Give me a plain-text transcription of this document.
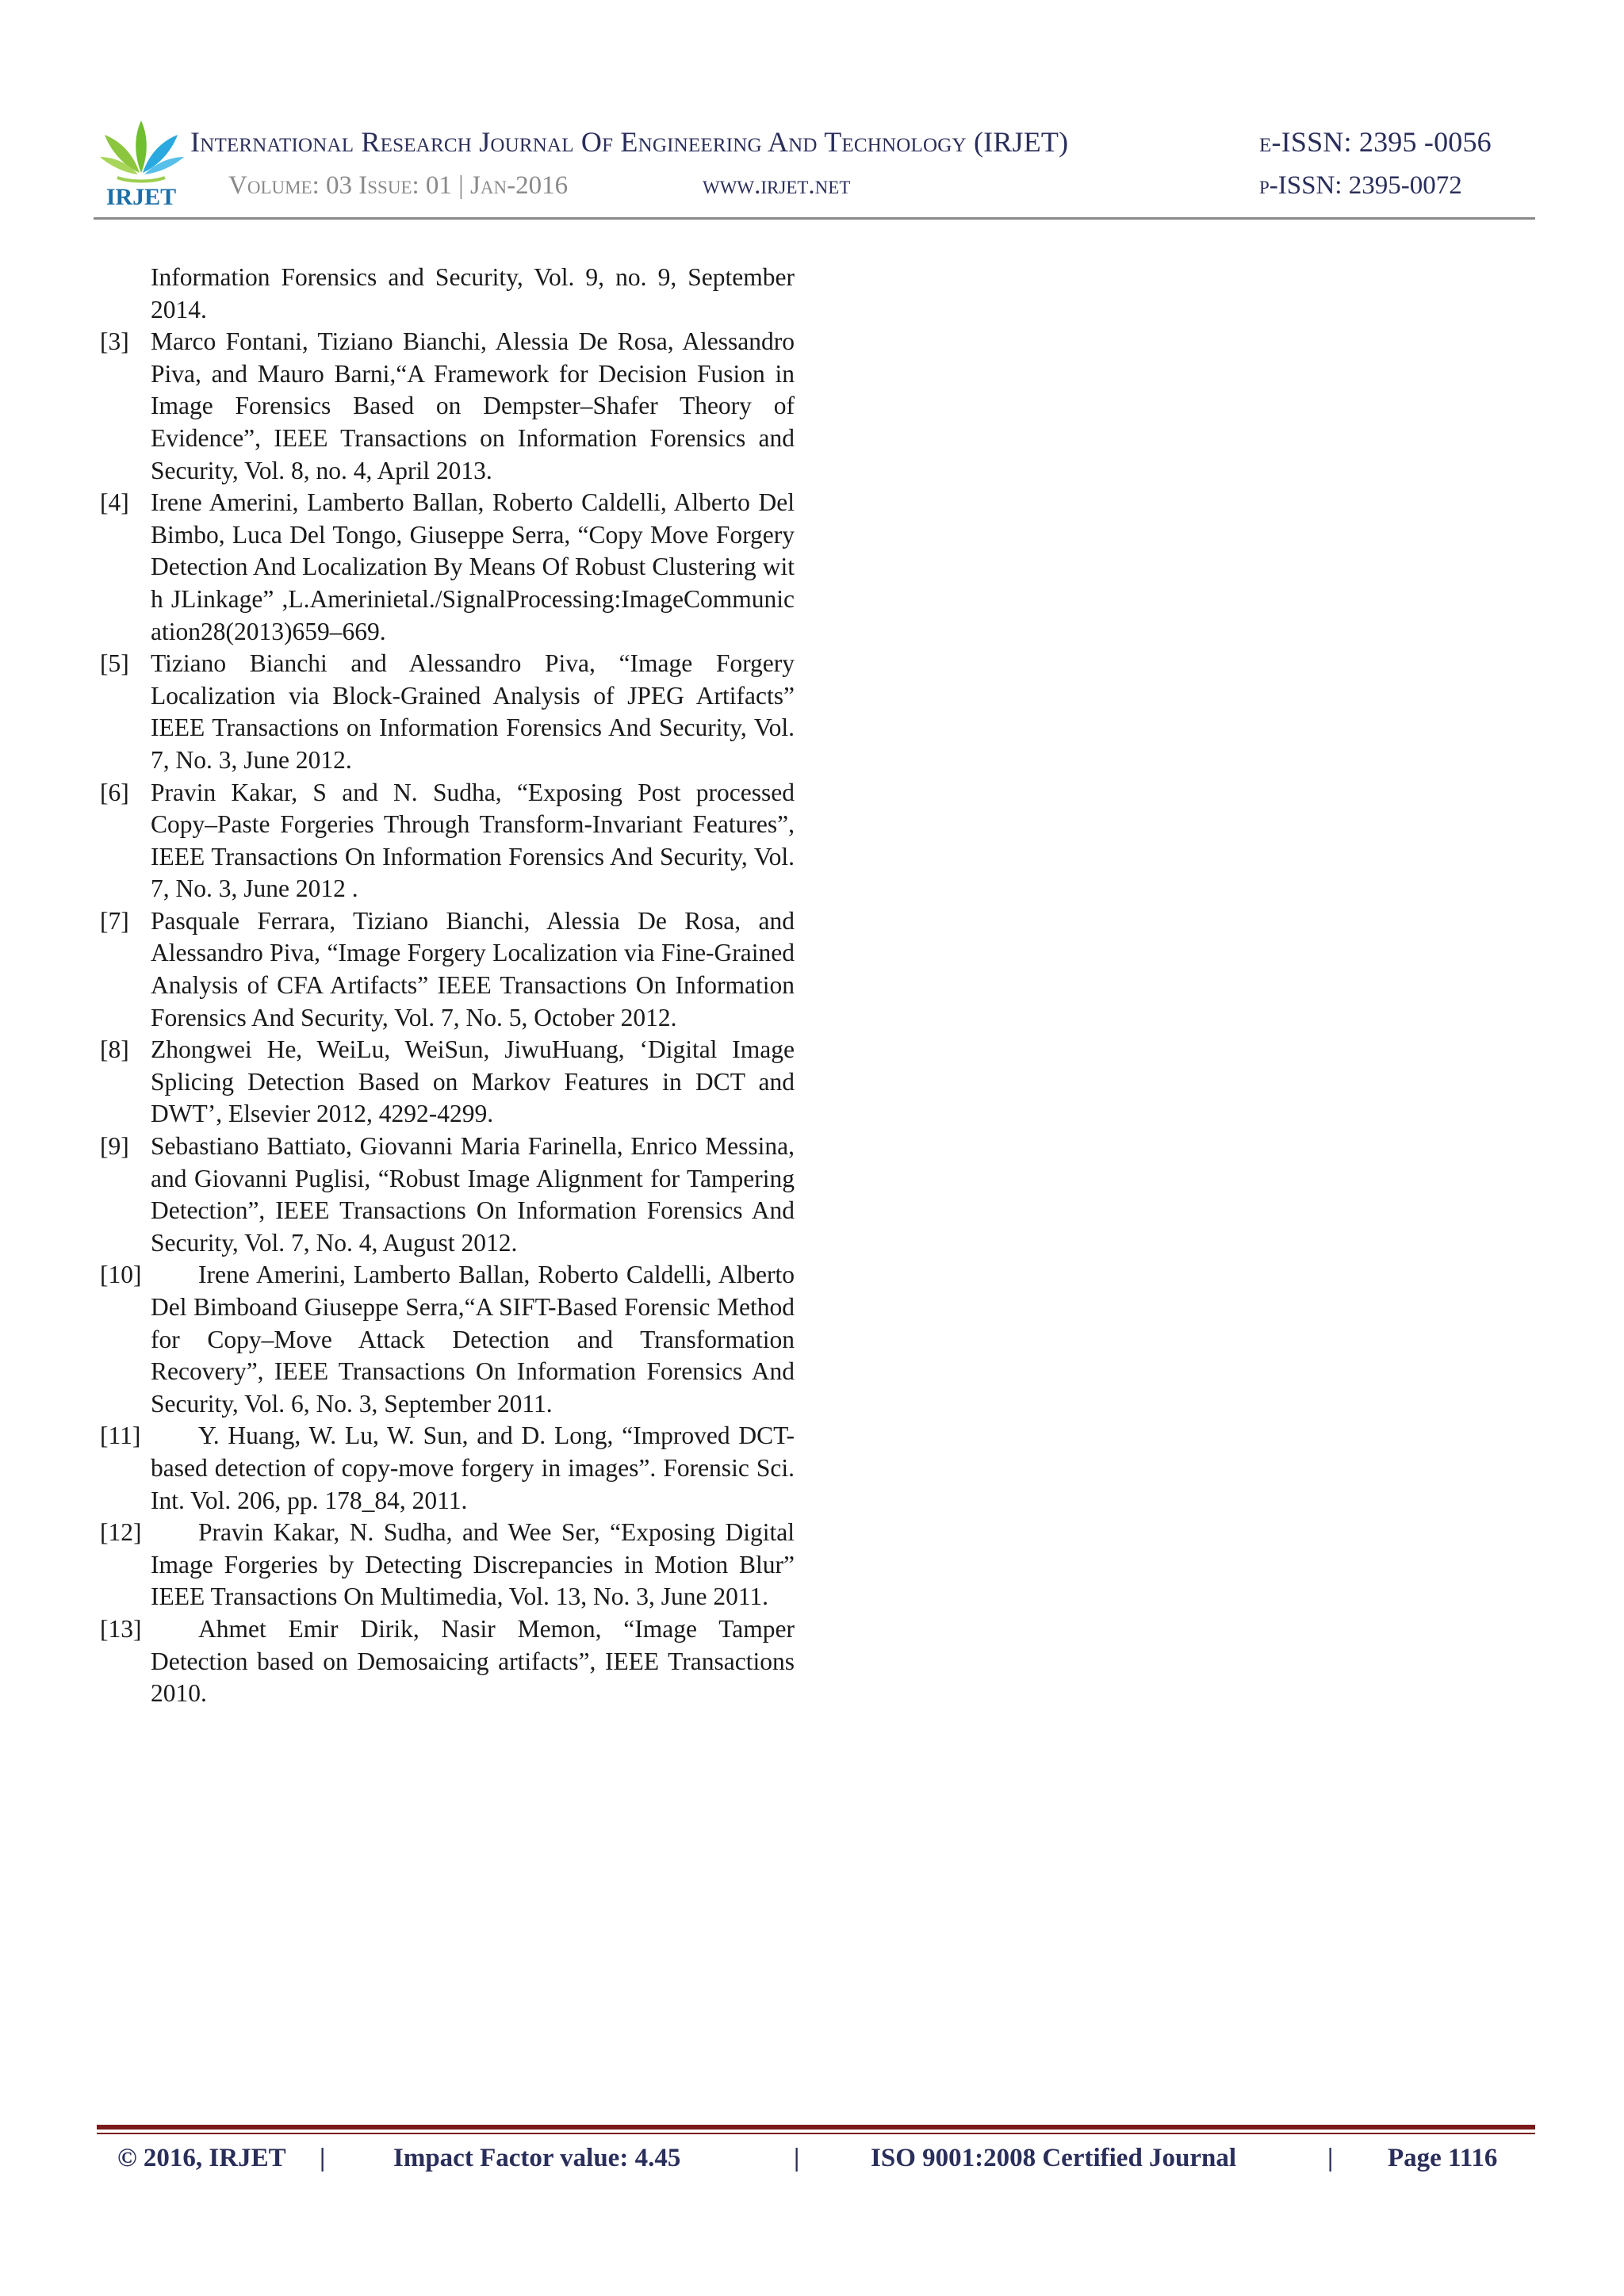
IRJET
International Research Journal Of Engineering And Technology (IRJET)	e-ISSN: 2395 -0056
Volume: 03 Issue: 01 | Jan-2016	www.irjet.net	p-ISSN: 2395-0072
Information Forensics and Security, Vol. 9, no. 9, September 2014.
[3] Marco Fontani, Tiziano Bianchi, Alessia De Rosa, Alessandro Piva, and Mauro Barni,“A Framework for Decision Fusion in Image Forensics Based on Dempster–Shafer Theory of Evidence”, IEEE Transactions on Information Forensics and Security, Vol. 8, no. 4, April 2013.
[4] Irene Amerini, Lamberto Ballan, Roberto Caldelli, Alberto DelBimbo, Luca Del Tongo, Giuseppe Serra, “Copy Move Forgery Detection And Localization By Means Of Robust Clustering with JLinkage” ,L.Amerinietal./SignalProcessing:ImageCommunication28(2013)659–669.
[5] Tiziano Bianchi and Alessandro Piva, “Image Forgery Localization via Block-Grained Analysis of JPEG Artifacts” IEEE Transactions on Information Forensics And Security, Vol. 7, No. 3, June 2012.
[6] Pravin Kakar, S and N. Sudha, “Exposing Post processed Copy–Paste Forgeries Through Transform-Invariant Features”, IEEE Transactions On Information Forensics And Security, Vol. 7, No. 3, June 2012 .
[7] Pasquale Ferrara, Tiziano Bianchi, Alessia De Rosa, and Alessandro Piva, “Image Forgery Localization via Fine-Grained Analysis of CFA Artifacts” IEEE Transactions On Information Forensics And Security, Vol. 7, No. 5, October 2012.
[8] Zhongwei He, WeiLu, WeiSun, JiwuHuang, ‘Digital Image Splicing Detection Based on Markov Features in DCT and DWT’, Elsevier 2012, 4292-4299.
[9] Sebastiano Battiato, Giovanni Maria Farinella, Enrico Messina, and Giovanni Puglisi, “Robust Image Alignment for Tampering Detection”, IEEE Transactions On Information Forensics And Security, Vol. 7, No. 4, August 2012.
[10]	Irene Amerini, Lamberto Ballan, Roberto Caldelli, Alberto Del Bimboand Giuseppe Serra,“A SIFT-Based Forensic Method for Copy–Move Attack Detection and Transformation Recovery”, IEEE Transactions On Information Forensics And Security, Vol. 6, No. 3, September 2011.
[11]	Y. Huang, W. Lu, W. Sun, and D. Long, “Improved DCT-based detection of copy-move forgery in images”. Forensic Sci. Int. Vol. 206, pp. 178_84, 2011.
[12]	Pravin Kakar, N. Sudha, and Wee Ser, “Exposing Digital Image Forgeries by Detecting Discrepancies in Motion Blur” IEEE Transactions On Multimedia, Vol. 13, No. 3, June 2011.
[13]	Ahmet Emir Dirik, Nasir Memon, “Image Tamper Detection based on Demosaicing artifacts”, IEEE Transactions 2010.
© 2016, IRJET |	Impact Factor value: 4.45	|	ISO 9001:2008 Certified Journal	| Page 1116
